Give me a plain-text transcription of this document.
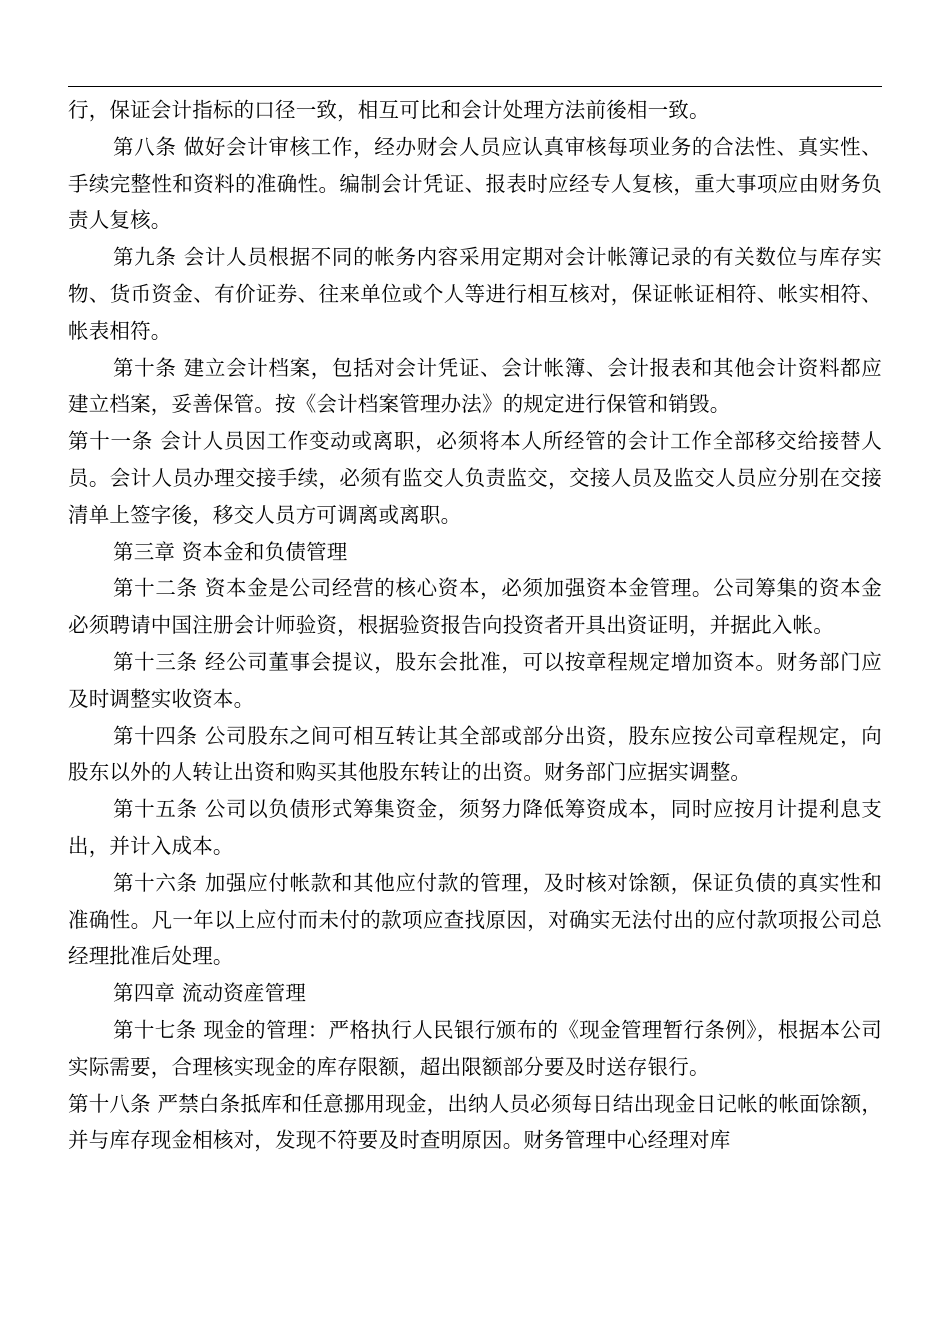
行，保证会计指标的口径一致，相互可比和会计处理方法前後相一致。

第八条 做好会计审核工作，经办财会人员应认真审核每项业务的合法性、真实性、手续完整性和资料的准确性。编制会计凭证、报表时应经专人复核，重大事项应由财务负责人复核。

第九条 会计人员根据不同的帐务内容采用定期对会计帐簿记录的有关数位与库存实物、货币资金、有价证券、往来单位或个人等进行相互核对，保证帐证相符、帐实相符、帐表相符。

第十条 建立会计档案，包括对会计凭证、会计帐簿、会计报表和其他会计资料都应建立档案，妥善保管。按《会计档案管理办法》的规定进行保管和销毁。

第十一条 会计人员因工作变动或离职，必须将本人所经管的会计工作全部移交给接替人员。会计人员办理交接手续，必须有监交人负责监交，交接人员及监交人员应分别在交接清单上签字後，移交人员方可调离或离职。

第三章 资本金和负债管理

第十二条 资本金是公司经营的核心资本，必须加强资本金管理。公司筹集的资本金必须聘请中国注册会计师验资，根据验资报告向投资者开具出资证明，并据此入帐。

第十三条 经公司董事会提议，股东会批准，可以按章程规定增加资本。财务部门应及时调整实收资本。

第十四条 公司股东之间可相互转让其全部或部分出资，股东应按公司章程规定，向股东以外的人转让出资和购买其他股东转让的出资。财务部门应据实调整。

第十五条 公司以负债形式筹集资金，须努力降低筹资成本，同时应按月计提利息支出，并计入成本。

第十六条 加强应付帐款和其他应付款的管理，及时核对馀额，保证负债的真实性和准确性。凡一年以上应付而未付的款项应查找原因，对确实无法付出的应付款项报公司总经理批准后处理。

第四章 流动资産管理

第十七条 现金的管理：严格执行人民银行颁布的《现金管理暂行条例》，根据本公司实际需要，合理核实现金的库存限额，超出限额部分要及时送存银行。

第十八条 严禁白条抵库和任意挪用现金，出纳人员必须每日结出现金日记帐的帐面馀额，并与库存现金相核对，发现不符要及时查明原因。财务管理中心经理对库
